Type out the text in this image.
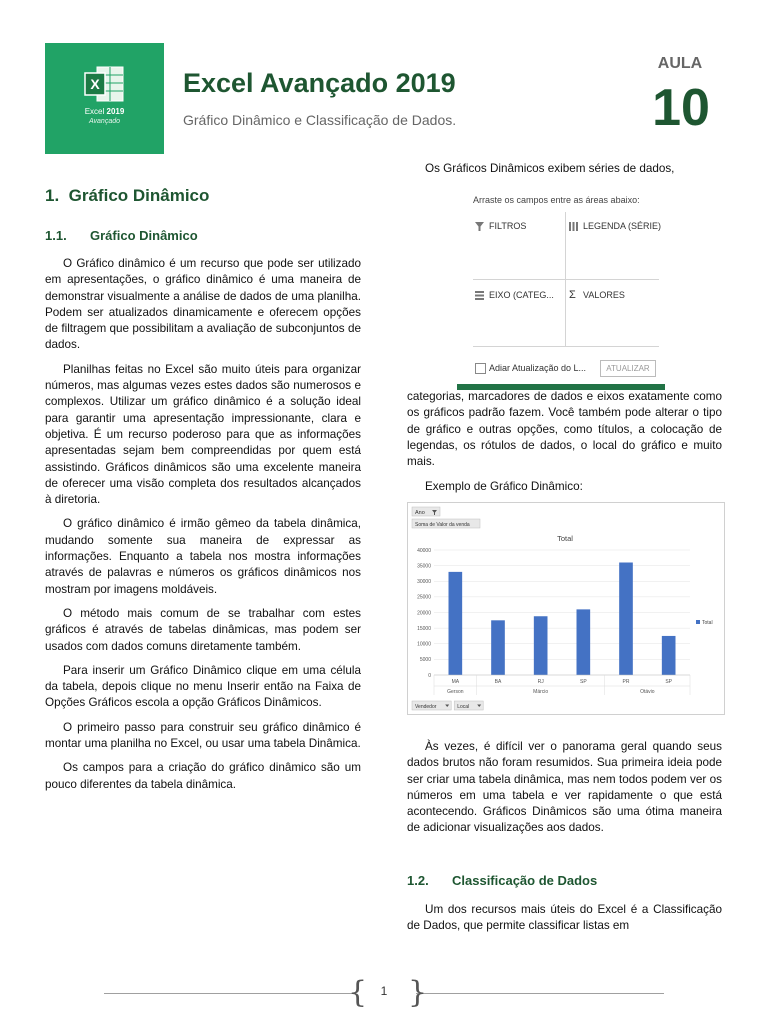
X
Excel 2019
Avançado
Excel Avançado 2019
Gráfico Dinâmico e Classificação de Dados.
AULA
10
1. Gráfico Dinâmico
1.1. Gráfico Dinâmico

O Gráfico dinâmico é um recurso que pode ser utilizado em apresentações, o gráfico dinâmico é uma maneira de demonstrar visualmente a análise de dados de uma planilha. Podem ser atualizados dinamicamente e oferecem opções de filtragem que possibilitam a avaliação de subconjuntos de dados.

Planilhas feitas no Excel são muito úteis para organizar números, mas algumas vezes estes dados são numerosos e complexos. Utilizar um gráfico dinâmico é a solução ideal para garantir uma apresentação impressionante, clara e objetiva. É um recurso poderoso para que as informações apresentadas sejam bem compreendidas por quem está assistindo. Gráficos dinâmicos são uma excelente maneira de oferecer uma visão completa dos resultados alcançados à diretoria.

O gráfico dinâmico é irmão gêmeo da tabela dinâmica, mudando somente sua maneira de expressar as informações. Enquanto a tabela nos mostra informações através de palavras e números os gráficos dinâmicos nos mostram por imagens moldáveis.

O método mais comum de se trabalhar com estes gráficos é através de tabelas dinâmicas, mas podem ser usados com dados comuns diretamente também.

Para inserir um Gráfico Dinâmico clique em uma célula da tabela, depois clique no menu Inserir então na Faixa de Opções Gráficos escola a opção Gráficos Dinâmicos.

O primeiro passo para construir seu gráfico dinâmico é montar uma planilha no Excel, ou usar uma tabela Dinâmica.

Os campos para a criação do gráfico dinâmico são um pouco diferentes da tabela dinâmica.

Os Gráficos Dinâmicos exibem séries de dados,
Arraste os campos entre as áreas abaixo:
FILTROS	LEGENDA (SÉRIE)
EIXO (CATEG... Σ VALORES
Adiar Atualização do L...	ATUALIZAR
categorias, marcadores de dados e eixos exatamente como os gráficos padrão fazem. Você também pode alterar o tipo de gráfico e outras opções, como títulos, a colocação de legendas, os rótulos de dados, o local do gráfico e muito mais.
Exemplo de Gráfico Dinâmico:
Ano
Soma de Valor da venda
Total
0
5000
10000
15000
20000
25000
30000
35000
40000
MA	BA	RJ	SP	PR	SP
Gerson	Márcio	Otávio
Total
Vendedor	Local
Às vezes, é difícil ver o panorama geral quando seus dados brutos não foram resumidos. Sua primeira ideia pode ser criar uma tabela dinâmica, mas nem todos podem ver os números em uma tabela e ver rapidamente o que está acontecendo. Gráficos Dinâmicos são uma ótima maneira de adicionar visualizações aos dados.
1.2. Classificação de Dados
Um dos recursos mais úteis do Excel é a Classificação de Dados, que permite classificar listas em
{ }
1
